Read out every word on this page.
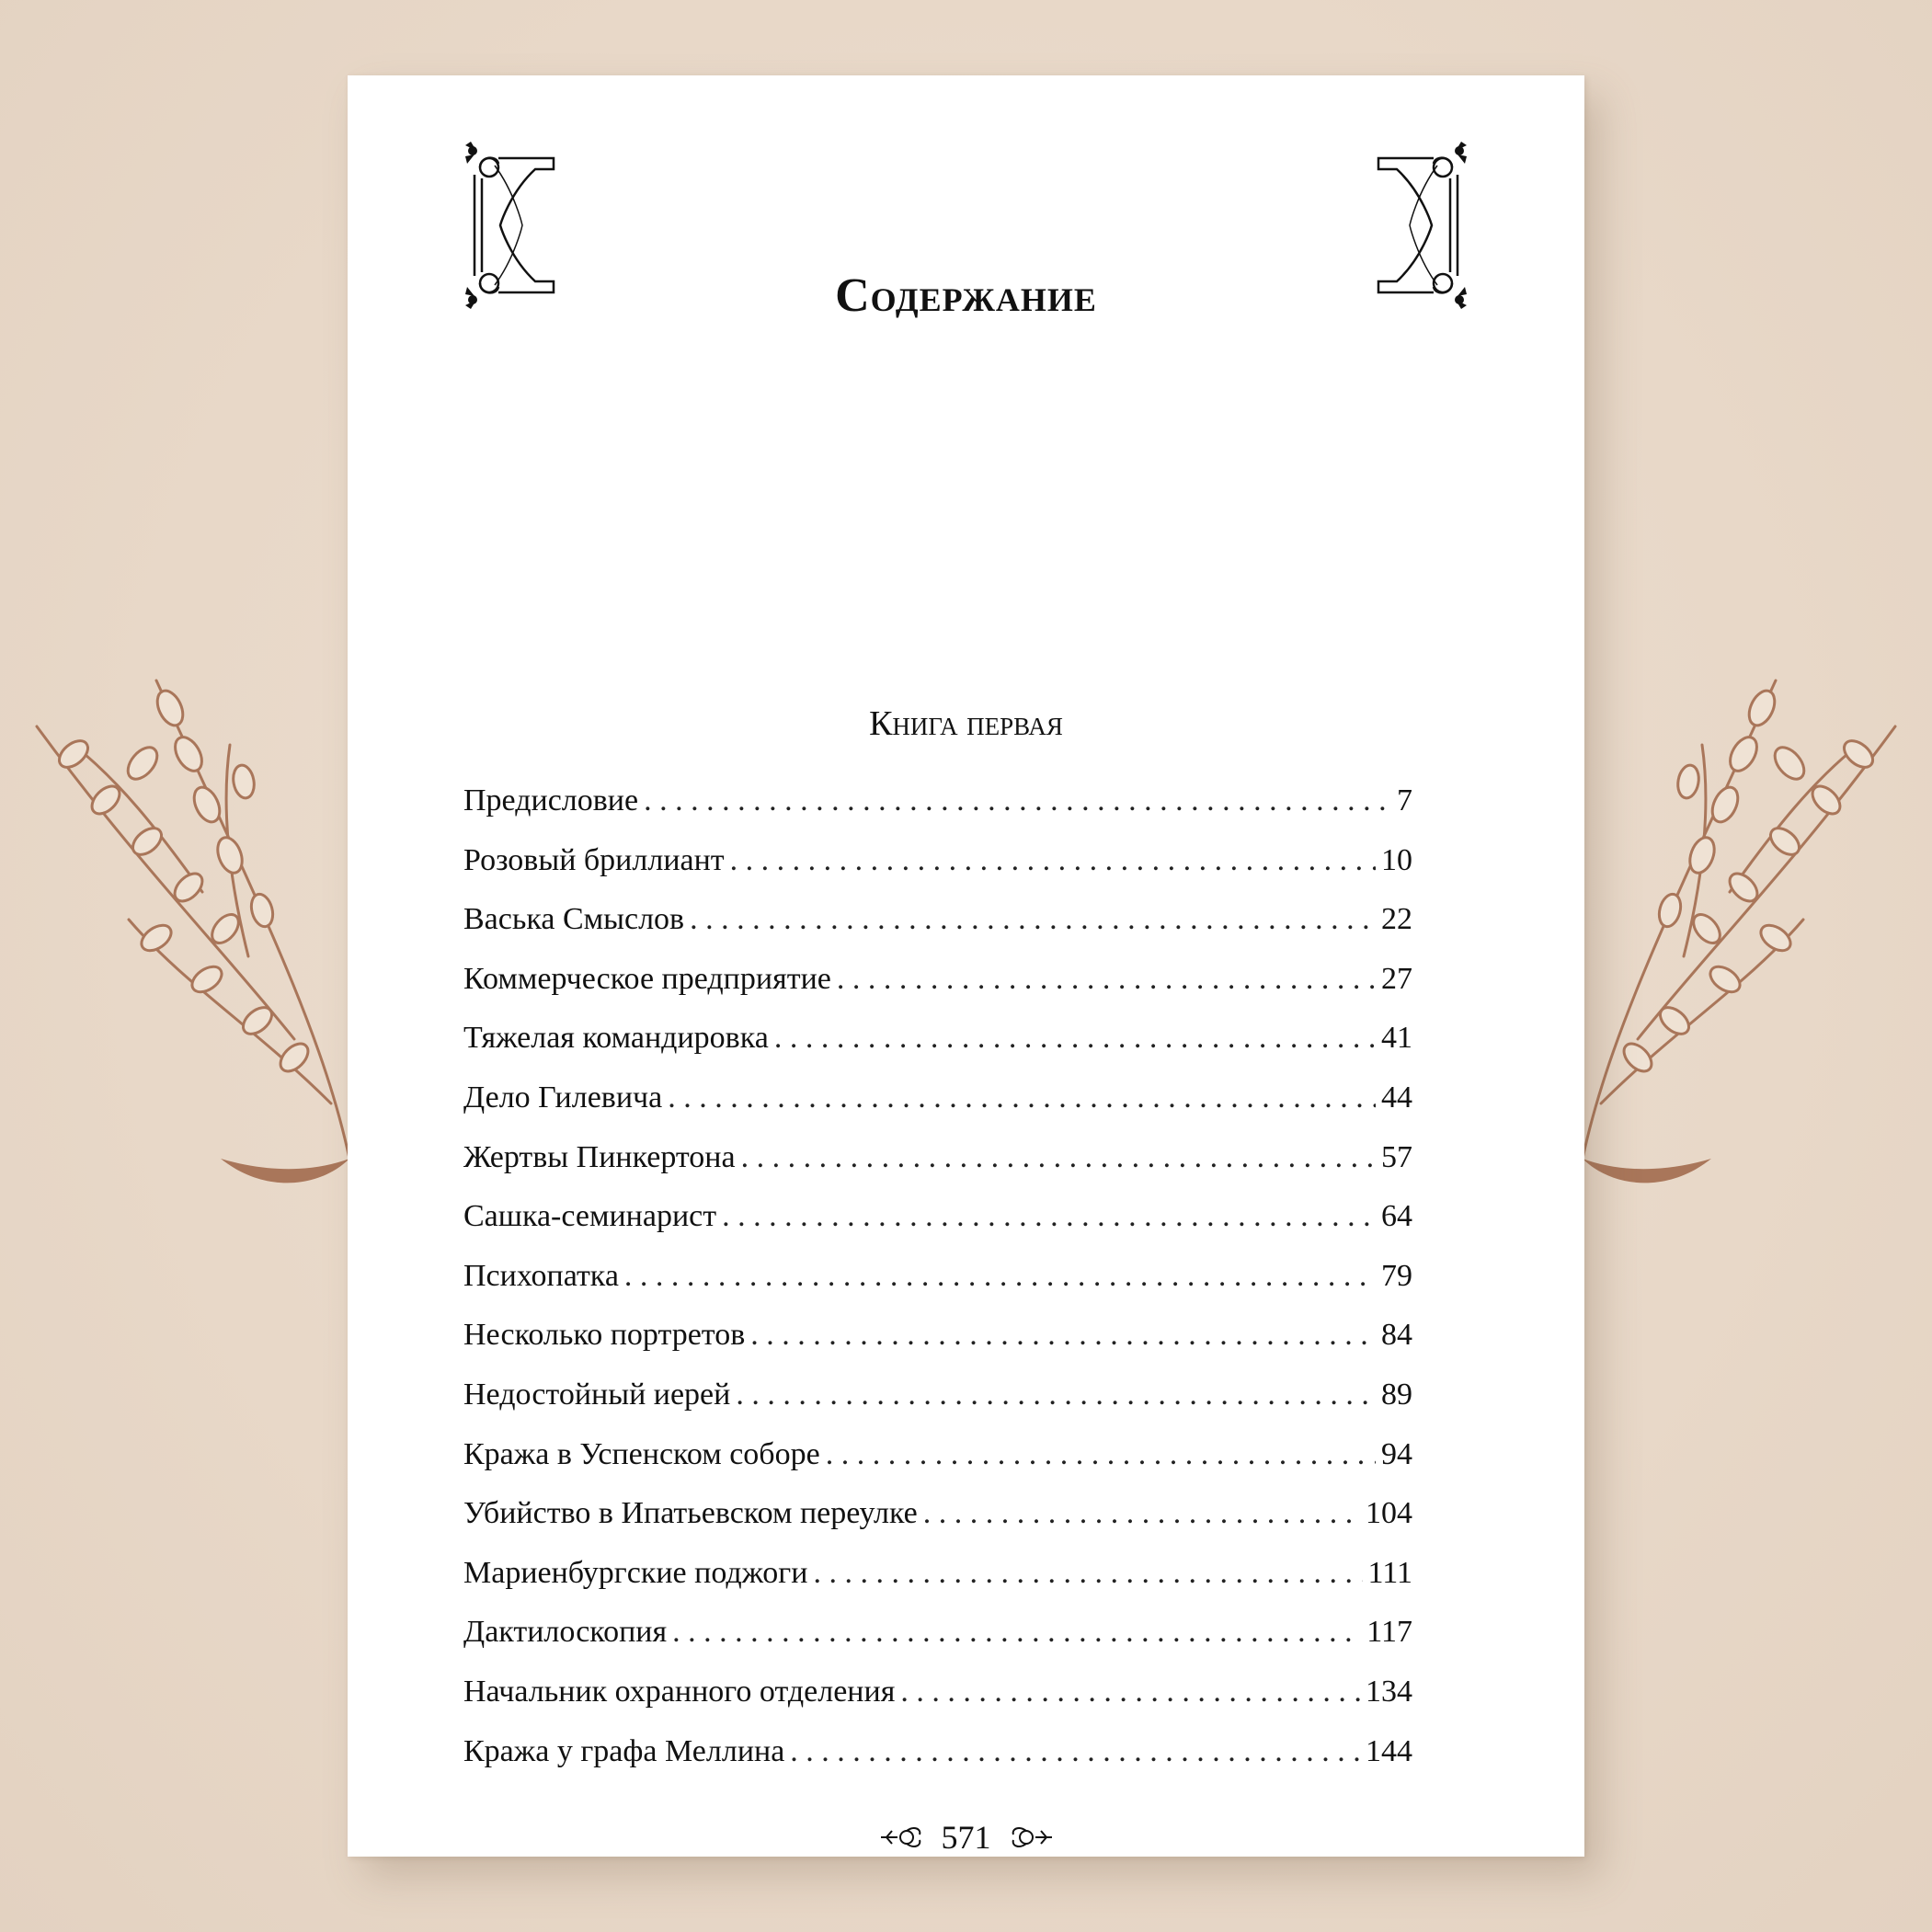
Содержание
Книга первая
Предисловие . . .	7
Розовый бриллиант . . .	10
Васька Смыслов . . .	22
Коммерческое предприятие . . .	27
Тяжелая командировка . . .	41
Дело Гилевича . . .	44
Жертвы Пинкертона . . .	57
Сашка-семинарист . . .	64
Психопатка . . .	79
Несколько портретов . . .	84
Недостойный иерей . . .	89
Кража в Успенском соборе . . .	94
Убийство в Ипатьевском переулке . . .	104
Мариенбургские поджоги . . .	111
Дактилоскопия . . .	117
Начальник охранного отделения . . .	134
Кража у графа Меллина . . .	144
571
